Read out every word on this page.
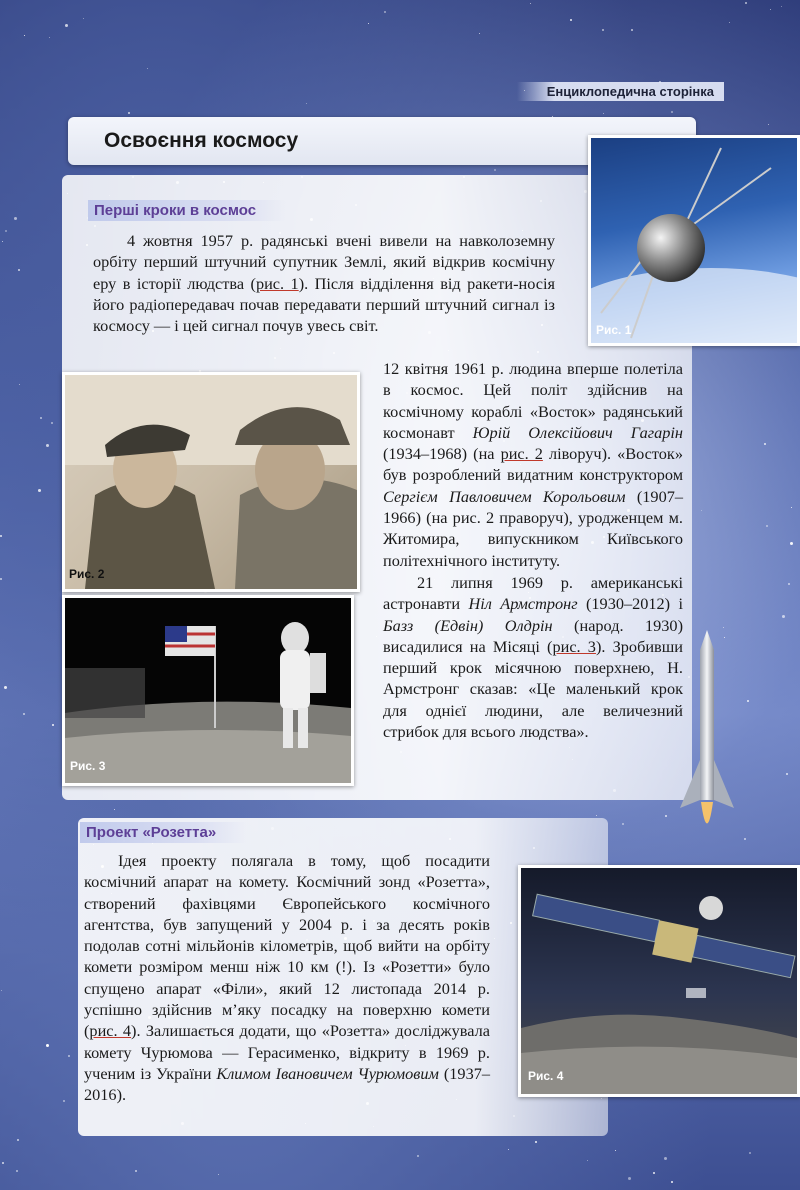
Енциклопедична сторінка
Освоєння космосу
Перші кроки в космос

4 жовтня 1957 р. радянські вчені вивели на навколоземну орбіту перший штучний супутник Землі, який відкрив космічну еру в історії людства (рис. 1). Після відділення від ракети-носія його радіопередавач почав передавати перший штучний сигнал із космосу — і цей сигнал почув увесь світ.

12 квітня 1961 р. людина вперше полетіла в космос. Цей політ здійснив на космічному кораблі «Восток» радянський космонавт Юрій Олексійович Гагарін (1934–1968) (на рис. 2 ліворуч). «Восток» був розроблений видатним конструктором Сергієм Павловичем Корольовим (1907–1966) (на рис. 2 праворуч), уродженцем м. Житомира, випускником Київського політехнічного інституту.

21 липня 1969 р. американські астронавти Ніл Армстронг (1930–2012) і Базз (Едвін) Олдрін (народ. 1930) висадилися на Місяці (рис. 3). Зробивши перший крок місячною поверхнею, Н. Армстронг сказав: «Це маленький крок для однієї людини, але величезний стрибок для всього людства».

Проект «Розетта»

Ідея проекту полягала в тому, щоб посадити космічний апарат на комету. Космічний зонд «Розетта», створений фахівцями Європейського космічного агентства, був запущений у 2004 р. і за десять років подолав сотні мільйонів кілометрів, щоб вийти на орбіту комети розміром менш ніж 10 км (!). Із «Розетти» було спущено апарат «Філи», який 12 листопада 2014 р. успішно здійснив м’яку посадку на поверхню комети (рис. 4). Залишається додати, що «Розетта» досліджувала комету Чурюмова — Герасименко, відкриту в 1969 р. ученим із України Климом Івановичем Чурюмовим (1937–2016).

Рис. 1
Рис. 2
Рис. 3
Рис. 4
